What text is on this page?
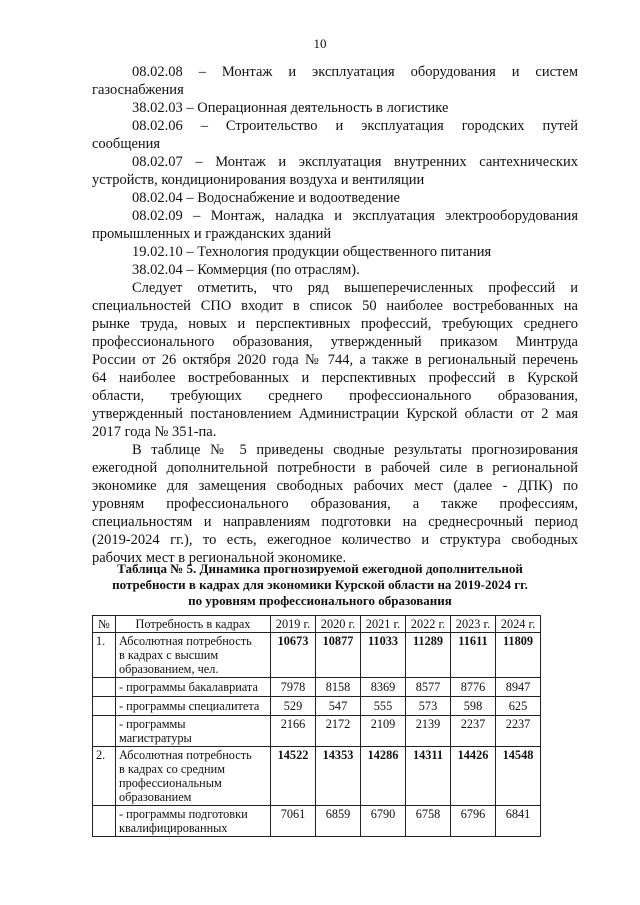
10
08.02.08 – Монтаж и эксплуатация оборудования и систем
газоснабжения
38.02.03 – Операционная деятельность в логистике
08.02.06 – Строительство и эксплуатация городских путей
сообщения
08.02.07 – Монтаж и эксплуатация внутренних сантехнических
устройств, кондиционирования воздуха и вентиляции
08.02.04 – Водоснабжение и водоотведение
08.02.09 – Монтаж, наладка и эксплуатация электрооборудования
промышленных и гражданских зданий
19.02.10 – Технология продукции общественного питания
38.02.04 – Коммерция (по отраслям).
Следует отметить, что ряд вышеперечисленных профессий и
специальностей СПО входит в список 50 наиболее востребованных на
рынке труда, новых и перспективных профессий, требующих среднего
профессионального образования, утвержденный приказом Минтруда
России от 26 октября 2020 года № 744, а также в региональный перечень
64 наиболее востребованных и перспективных профессий в Курской
области, требующих среднего профессионального образования,
утвержденный постановлением Администрации Курской области от 2 мая
2017 года № 351-па.
В таблице № 5 приведены сводные результаты прогнозирования
ежегодной дополнительной потребности в рабочей силе в региональной
экономике для замещения свободных рабочих мест (далее - ДПК) по
уровням профессионального образования, а также профессиям,
специальностям и направлениям подготовки на среднесрочный период
(2019-2024 гг.), то есть, ежегодное количество и структура свободных
рабочих мест в региональной экономике.
Таблица № 5. Динамика прогнозируемой ежегодной дополнительной
потребности в кадрах для экономики Курской области на 2019-2024 гг.
по уровням профессионального образования
№	Потребность в кадрах	2019 г.	2020 г.	2021 г.	2022 г.	2023 г.	2024 г.
1.	Абсолютная потребность
в кадрах с высшим
образованием, чел.	10673	10877	11033	11289	11611	11809
	- программы бакалавриата	7978	8158	8369	8577	8776	8947
	- программы специалитета	529	547	555	573	598	625
	- программы
магистратуры	2166	2172	2109	2139	2237	2237
2.	Абсолютная потребность
в кадрах со средним
профессиональным
образованием	14522	14353	14286	14311	14426	14548
	- программы подготовки
квалифицированных	7061	6859	6790	6758	6796	6841
